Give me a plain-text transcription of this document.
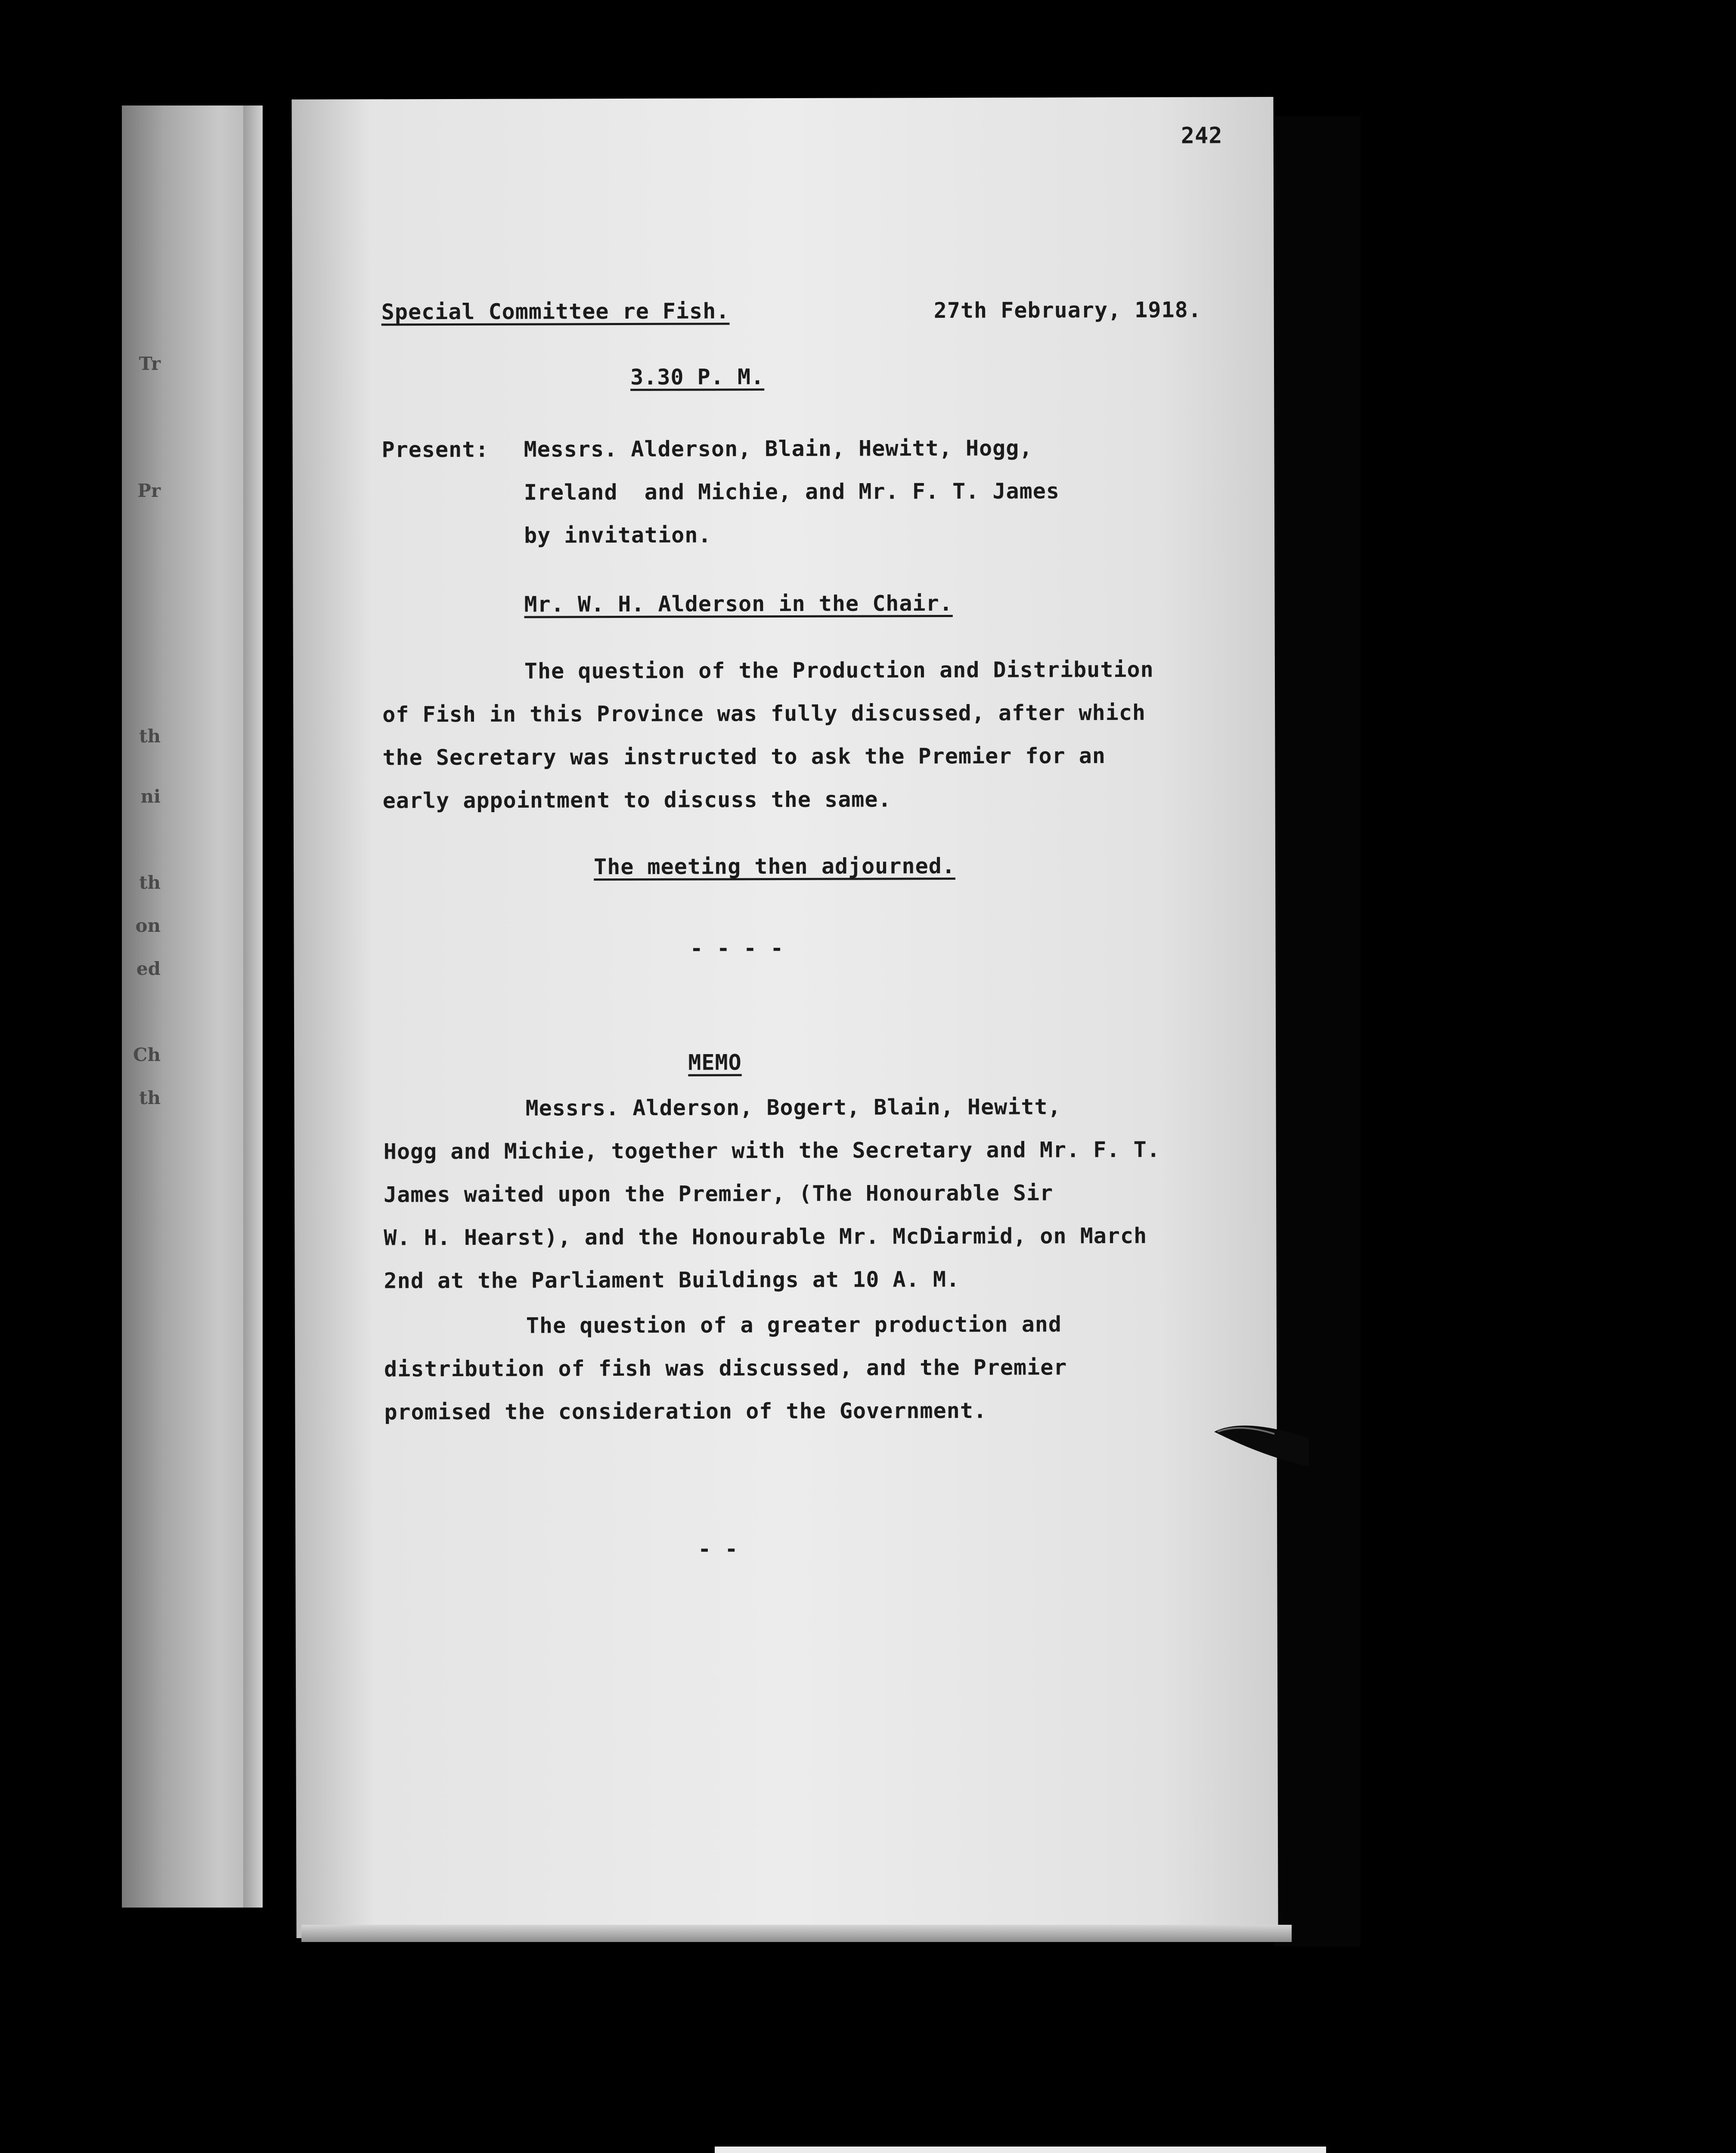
Tr
Pr
th
ni
th
on
ed
Ch
th
242
Special Committee re Fish.	27th February, 1918.
3.30 P. M.
Present: Messrs. Alderson, Blain, Hewitt, Hogg,
Ireland  and Michie, and Mr. F. T. James
by invitation.
Mr. W. H. Alderson in the Chair.
The question of the Production and Distribution
of Fish in this Province was fully discussed, after which
the Secretary was instructed to ask the Premier for an
early appointment to discuss the same.
The meeting then adjourned.
- - - -
MEMO
Messrs. Alderson, Bogert, Blain, Hewitt,
Hogg and Michie, together with the Secretary and Mr. F. T.
James waited upon the Premier, (The Honourable Sir
W. H. Hearst), and the Honourable Mr. McDiarmid, on March
2nd at the Parliament Buildings at 10 A. M.
The question of a greater production and
distribution of fish was discussed, and the Premier
promised the consideration of the Government.
- -
